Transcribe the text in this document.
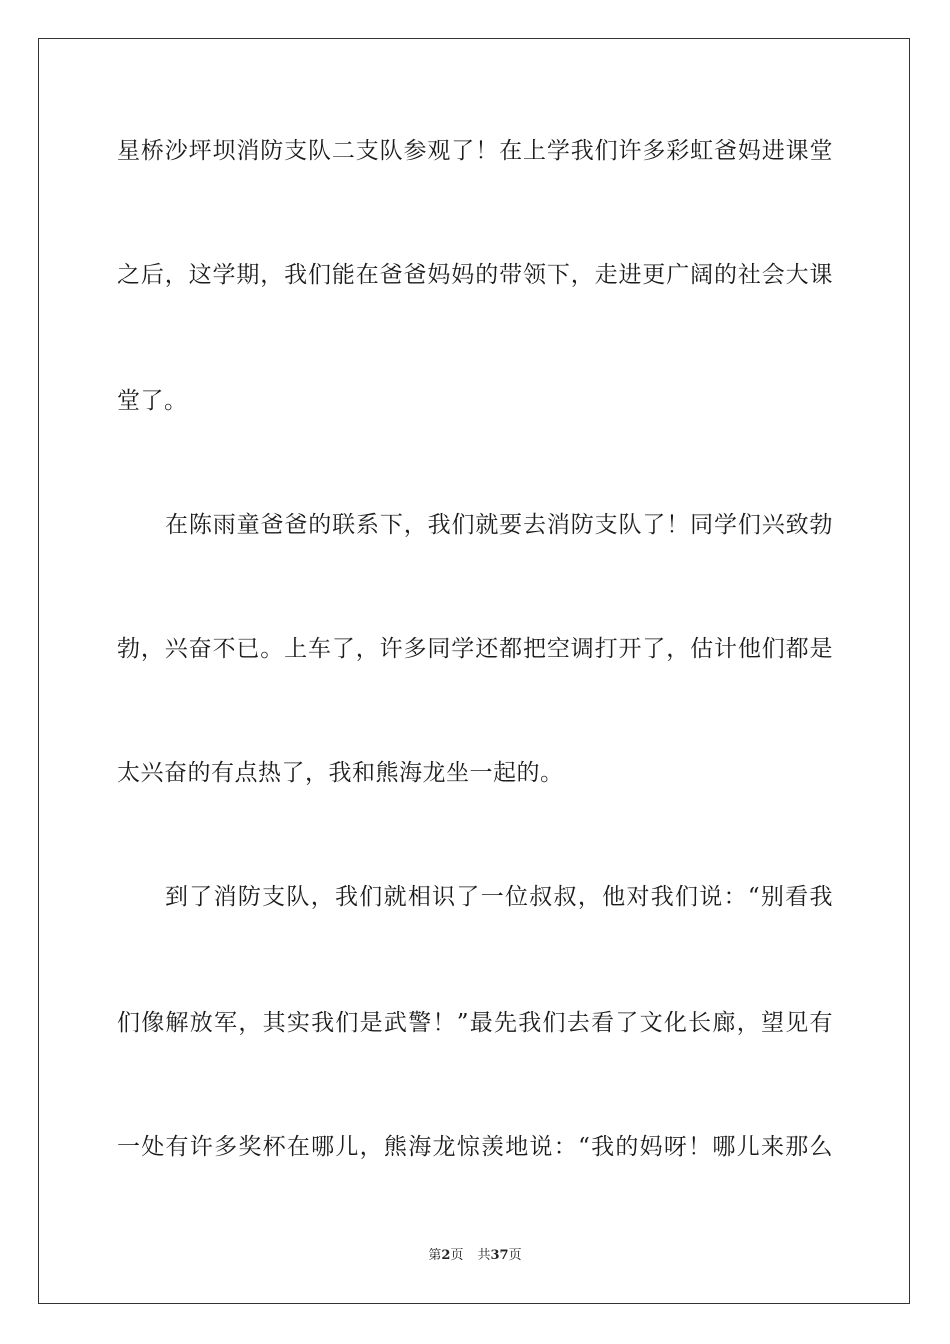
星桥沙坪坝消防支队二支队参观了！在上学我们许多彩虹爸妈进课堂
之后，这学期，我们能在爸爸妈妈的带领下，走进更广阔的社会大课
堂了。
在陈雨童爸爸的联系下，我们就要去消防支队了！同学们兴致勃
勃，兴奋不已。上车了，许多同学还都把空调打开了，估计他们都是
太兴奋的有点热了，我和熊海龙坐一起的。
到了消防支队，我们就相识了一位叔叔，他对我们说：“别看我
们像解放军，其实我们是武警！”最先我们去看了文化长廊，望见有
一处有许多奖杯在哪儿，熊海龙惊羡地说：“我的妈呀！哪儿来那么
第2页 共37页
